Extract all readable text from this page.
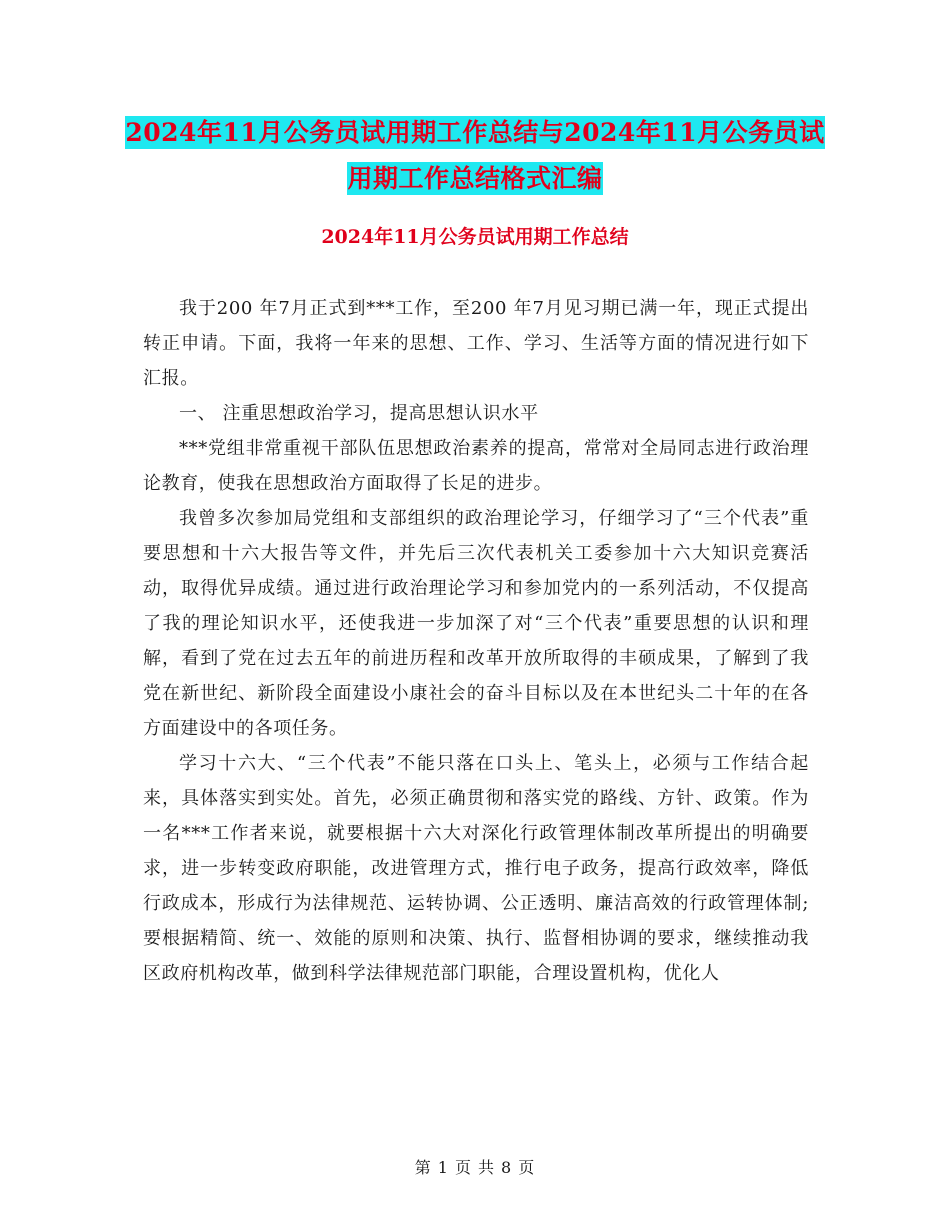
2024年11月公务员试用期工作总结与2024年11月公务员试用期工作总结格式汇编
2024年11月公务员试用期工作总结

我于200 年7月正式到***工作，至200 年7月见习期已满一年，现正式提出转正申请。下面，我将一年来的思想、工作、学习、生活等方面的情况进行如下汇报。

一、 注重思想政治学习，提高思想认识水平

***党组非常重视干部队伍思想政治素养的提高，常常对全局同志进行政治理论教育，使我在思想政治方面取得了长足的进步。

我曾多次参加局党组和支部组织的政治理论学习，仔细学习了“三个代表”重要思想和十六大报告等文件，并先后三次代表机关工委参加十六大知识竞赛活动，取得优异成绩。通过进行政治理论学习和参加党内的一系列活动，不仅提高了我的理论知识水平，还使我进一步加深了对“三个代表”重要思想的认识和理解，看到了党在过去五年的前进历程和改革开放所取得的丰硕成果，了解到了我党在新世纪、新阶段全面建设小康社会的奋斗目标以及在本世纪头二十年的在各方面建设中的各项任务。

学习十六大、“三个代表”不能只落在口头上、笔头上，必须与工作结合起来，具体落实到实处。首先，必须正确贯彻和落实党的路线、方针、政策。作为一名***工作者来说，就要根据十六大对深化行政管理体制改革所提出的明确要求，进一步转变政府职能，改进管理方式，推行电子政务，提高行政效率，降低行政成本，形成行为法律规范、运转协调、公正透明、廉洁高效的行政管理体制;要根据精简、统一、效能的原则和决策、执行、监督相协调的要求，继续推动我区政府机构改革，做到科学法律规范部门职能，合理设置机构，优化人

第 1 页 共 8 页
